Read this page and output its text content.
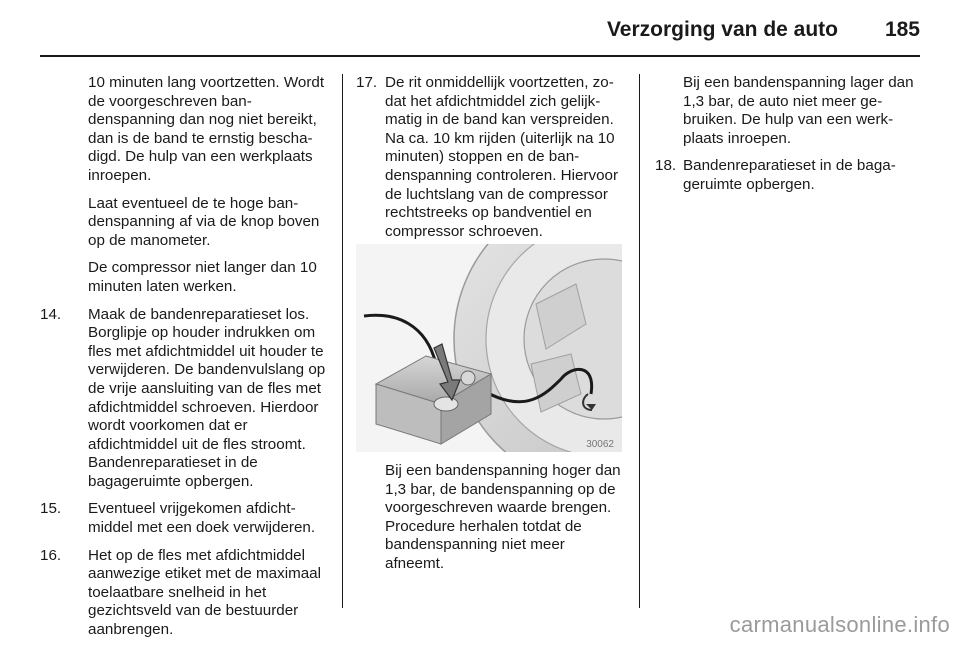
Verzorging van de auto 185

10 minuten lang voortzetten. Wordt de voorgeschreven bandenspanning dan nog niet bereikt, dan is de band te ernstig beschadigd. De hulp van een werkplaats inroepen.

Laat eventueel de te hoge bandenspanning af via de knop boven op de manometer.

De compressor niet langer dan 10 minuten laten werken.

14.	Maak de bandenreparatieset los. Borglipje op houder indrukken om fles met afdichtmiddel uit houder te verwijderen. De bandenvulslang op de vrije aansluiting van de fles met afdichtmiddel schroeven. Hierdoor wordt voorkomen dat er afdichtmiddel uit de fles stroomt. Bandenreparatieset in de bagageruimte opbergen.
15.	Eventueel vrijgekomen afdichtmiddel met een doek verwijderen.
16.	Het op de fles met afdichtmiddel aanwezige etiket met de maximaal toelaatbare snelheid in het gezichtsveld van de bestuurder aanbrengen.
17. De rit onmiddellijk voortzetten, zodat het afdichtmiddel zich gelijkmatig in de band kan verspreiden. Na ca. 10 km rijden (uiterlijk na 10 minuten) stoppen en de bandenspanning controleren. Hiervoor de luchtslang van de compressor rechtstreeks op bandventiel en compressor schroeven.
30062

Bij een bandenspanning hoger dan 1,3 bar, de bandenspanning op de voorgeschreven waarde brengen. Procedure herhalen totdat de bandenspanning niet meer afneemt.

Bij een bandenspanning lager dan 1,3 bar, de auto niet meer gebruiken. De hulp van een werkplaats inroepen.

18. Bandenreparatieset in de bagageruimte opbergen.
carmanualsonline.info
